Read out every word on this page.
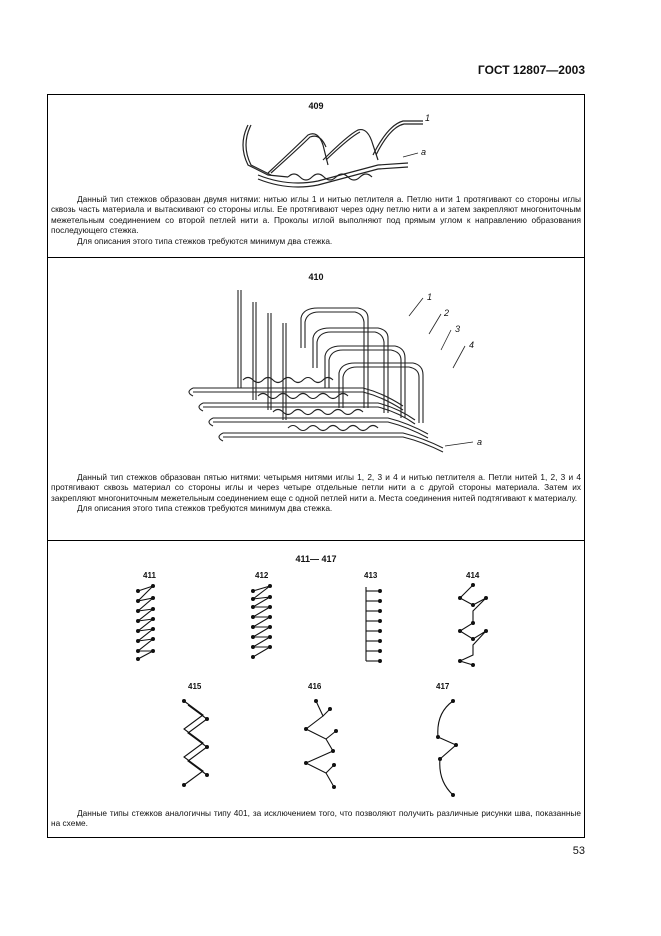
ГОСТ 12807—2003
409
1
a

Данный тип стежков образован двумя нитями: нитью иглы 1 и нитью петлителя a. Петлю нити 1 протягивают со стороны иглы сквозь часть материала и вытаскивают со стороны иглы. Ее протягивают через одну петлю нити a и затем закрепляют многониточным межетельным соединением со второй петлей нити a. Проколы иглой выполняют под прямым углом к направлению образования последующего стежка.

Для описания этого типа стежков требуются минимум два стежка.

410
1
2
3
4
a

Данный тип стежков образован пятью нитями: четырьмя нитями иглы 1, 2, 3 и 4 и нитью петлителя a. Петли нитей 1, 2, 3 и 4 протягивают сквозь материал со стороны иглы и через четыре отдельные петли нити a с другой стороны материала. Затем их закрепляют многониточным межетельным соединением еще с одной петлей нити a. Места соединения нитей подтягивают к материалу.

Для описания этого типа стежков требуются минимум два стежка.

411— 417
411	412	413	414
415	416	417

Данные типы стежков аналогичны типу 401, за исключением того, что позволяют получить различные рисунки шва, показанные на схеме.

53
